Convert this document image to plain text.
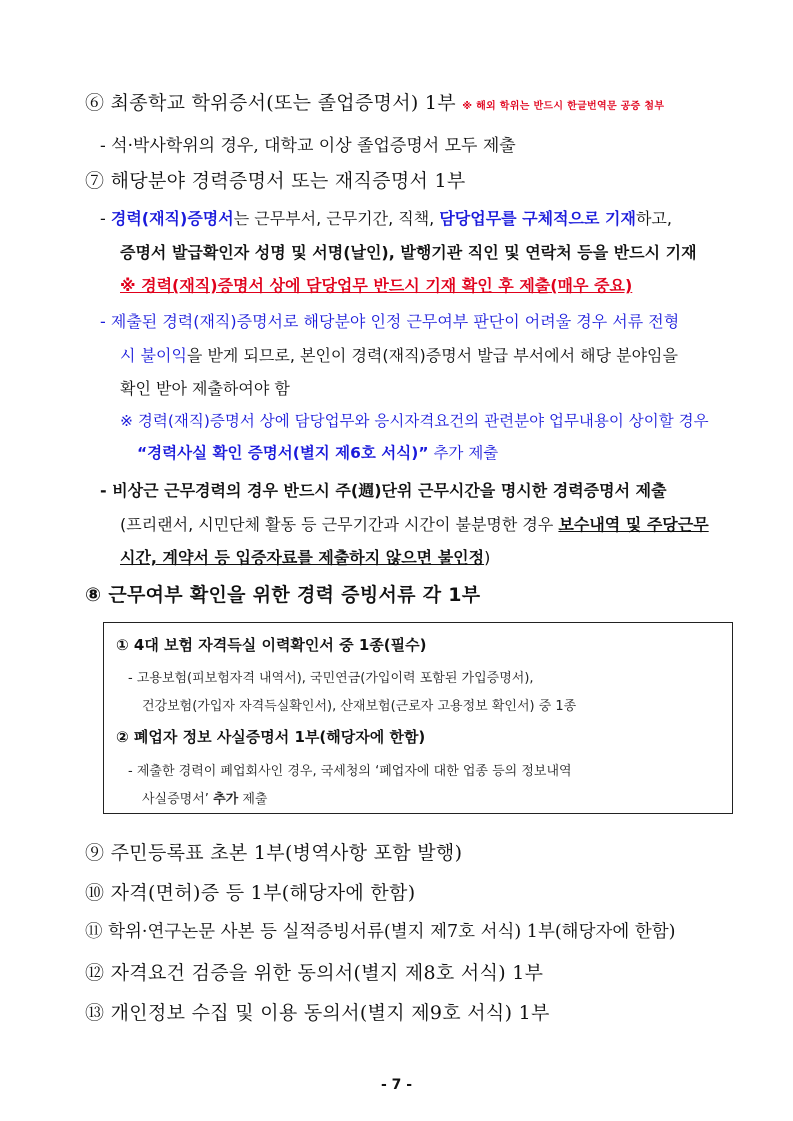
⑥ 최종학교 학위증서(또는 졸업증명서) 1부 ※ 해외 학위는 반드시 한글번역문 공증 첨부
- 석·박사학위의 경우, 대학교 이상 졸업증명서 모두 제출
⑦ 해당분야 경력증명서 또는 재직증명서 1부
- 경력(재직)증명서는 근무부서, 근무기간, 직책, 담당업무를 구체적으로 기재하고,
증명서 발급확인자 성명 및 서명(날인), 발행기관 직인 및 연락처 등을 반드시 기재
※ 경력(재직)증명서 상에 담당업무 반드시 기재 확인 후 제출(매우 중요)
- 제출된 경력(재직)증명서로 해당분야 인정 근무여부 판단이 어려울 경우 서류 전형
시 불이익을 받게 되므로, 본인이 경력(재직)증명서 발급 부서에서 해당 분야임을
확인 받아 제출하여야 함
※ 경력(재직)증명서 상에 담당업무와 응시자격요건의 관련분야 업무내용이 상이할 경우
“경력사실 확인 증명서(별지 제6호 서식)” 추가 제출
- 비상근 근무경력의 경우 반드시 주(週)단위 근무시간을 명시한 경력증명서 제출
(프리랜서, 시민단체 활동 등 근무기간과 시간이 불분명한 경우 보수내역 및 주당근무
시간, 계약서 등 입증자료를 제출하지 않으면 불인정)
⑧ 근무여부 확인을 위한 경력 증빙서류 각 1부
① 4대 보험 자격득실 이력확인서 중 1종(필수)
- 고용보험(피보험자격 내역서), 국민연금(가입이력 포함된 가입증명서),
건강보험(가입자 자격득실확인서), 산재보험(근로자 고용정보 확인서) 중 1종
② 폐업자 정보 사실증명서 1부(해당자에 한함)
- 제출한 경력이 폐업회사인 경우, 국세청의 ‘폐업자에 대한 업종 등의 정보내역
사실증명서’ 추가 제출
⑨ 주민등록표 초본 1부(병역사항 포함 발행)
⑩ 자격(면허)증 등 1부(해당자에 한함)
⑪ 학위·연구논문 사본 등 실적증빙서류(별지 제7호 서식) 1부(해당자에 한함)
⑫ 자격요건 검증을 위한 동의서(별지 제8호 서식) 1부
⑬ 개인정보 수집 및 이용 동의서(별지 제9호 서식) 1부
- 7 -
